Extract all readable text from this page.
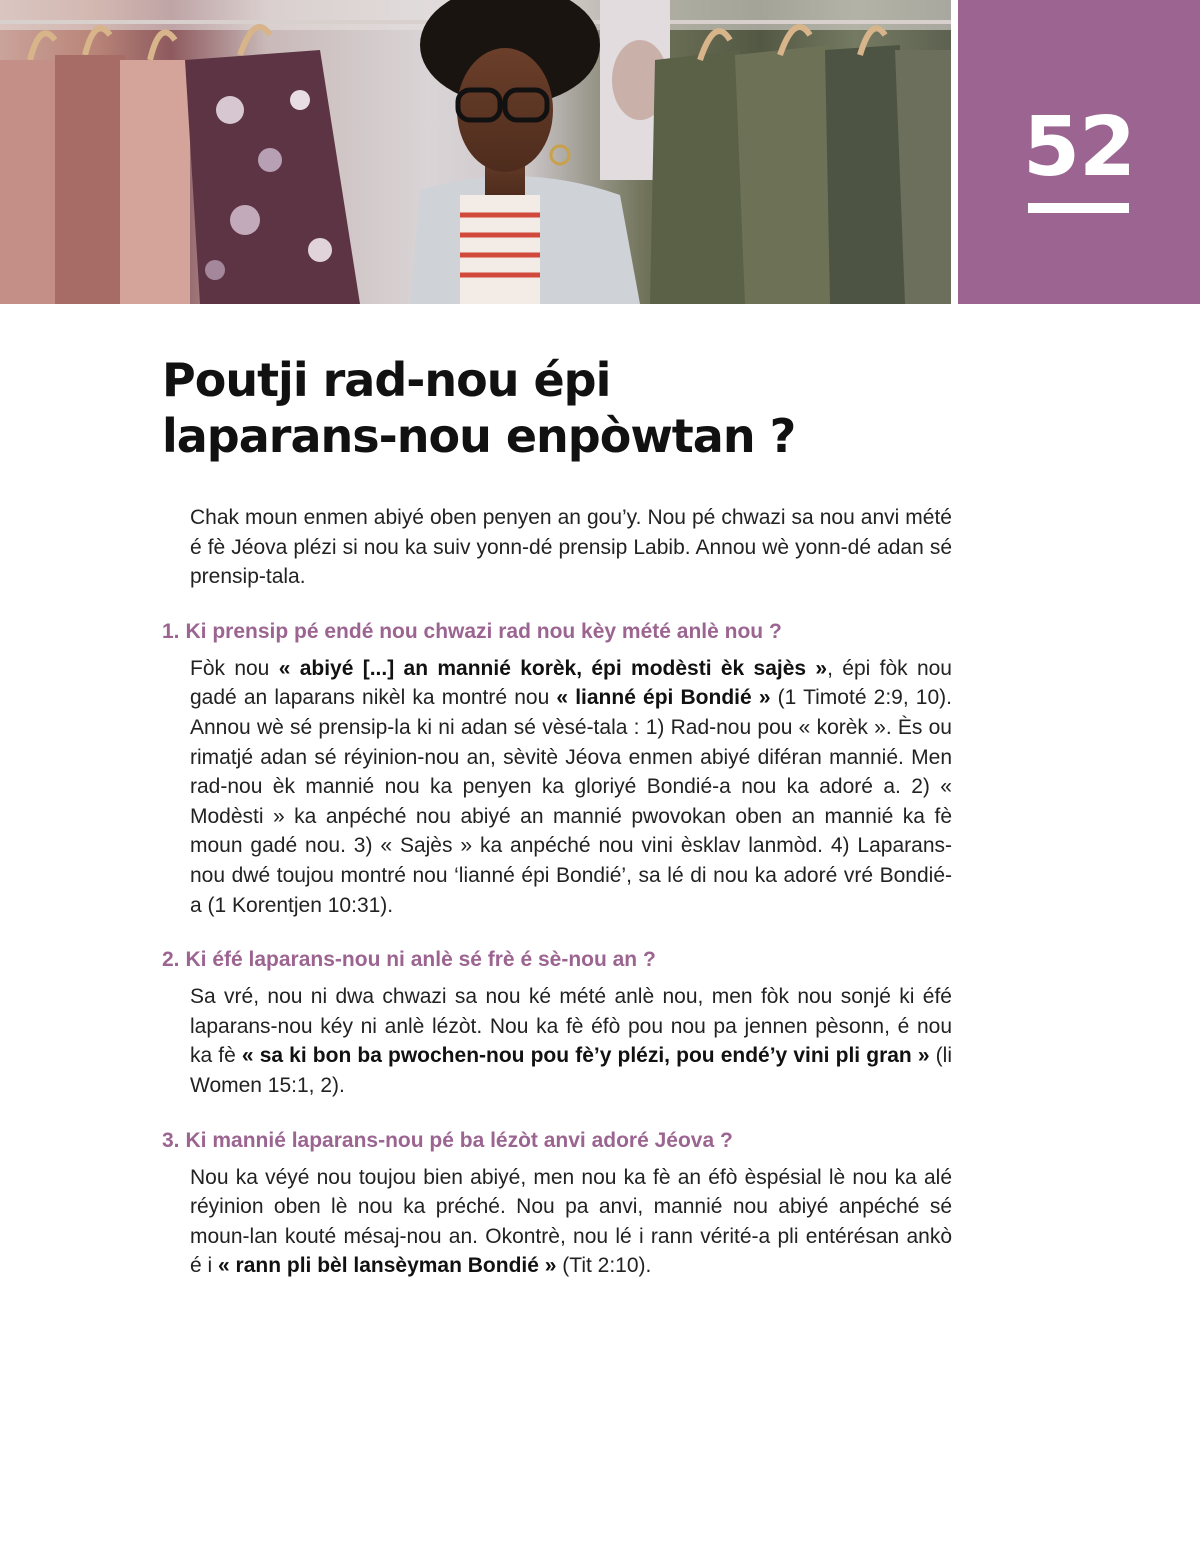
52
Poutji rad-nou épi
laparans-nou enpòwtan ?

Chak moun enmen abiyé oben penyen an gou’y. Nou pé chwazi sa nou anvi mété é fè Jéova plézi si nou ka suiv yonn-dé prensip Labib. Annou wè yonn-dé adan sé prensip-tala.

1. Ki prensip pé endé nou chwazi rad nou kèy mété anlè nou ?

Fòk nou « abiyé [...] an mannié korèk, épi modèsti èk sajès », épi fòk nou gadé an laparans nikèl ka montré nou « lianné épi Bondié » (1 Timoté 2:9, 10). Annou wè sé prensip-la ki ni adan sé vèsé-tala : 1) Rad-nou pou « korèk ». Ès ou rimatjé adan sé réyinion-nou an, sèvitè Jéova enmen abiyé diféran mannié. Men rad-nou èk mannié nou ka penyen ka gloriyé Bondié-a nou ka adoré a. 2) « Modèsti » ka anpéché nou abiyé an mannié pwovokan oben an mannié ka fè moun gadé nou. 3) « Sajès » ka anpéché nou vini èsklav lanmòd. 4) Laparans-nou dwé toujou montré nou ‘lianné épi Bondié’, sa lé di nou ka adoré vré Bondié-a (1 Korentjen 10:31).

2. Ki éfé laparans-nou ni anlè sé frè é sè-nou an ?

Sa vré, nou ni dwa chwazi sa nou ké mété anlè nou, men fòk nou sonjé ki éfé laparans-nou kéy ni anlè lézòt. Nou ka fè éfò pou nou pa jennen pèsonn, é nou ka fè « sa ki bon ba pwochen-nou pou fè’y plézi, pou endé’y vini pli gran » (li Women 15:1, 2).

3. Ki mannié laparans-nou pé ba lézòt anvi adoré Jéova ?

Nou ka véyé nou toujou bien abiyé, men nou ka fè an éfò èspésial lè nou ka alé réyinion oben lè nou ka préché. Nou pa anvi, mannié nou abiyé anpéché sé moun-lan kouté mésaj-nou an. Okontrè, nou lé i rann vérité-a pli entérésan ankò é i « rann pli bèl lansèyman Bondié » (Tit 2:10).
